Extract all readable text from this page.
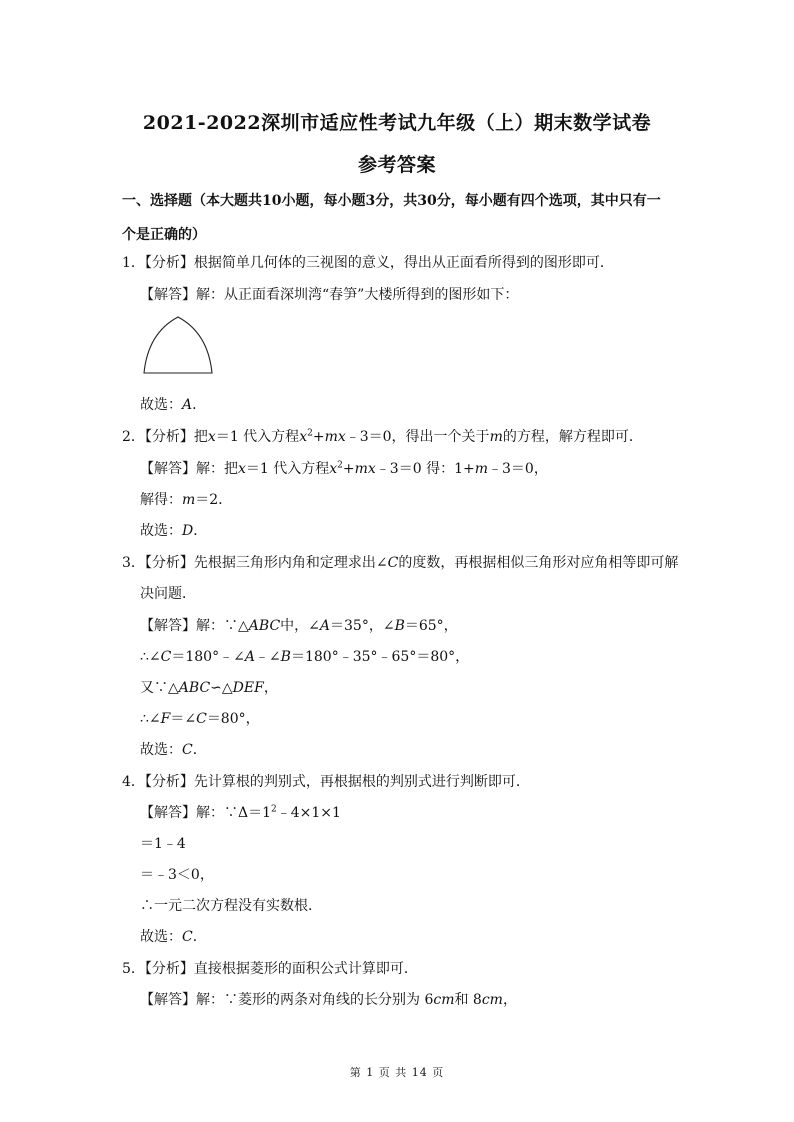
2021-2022深圳市适应性考试九年级（上）期末数学试卷
参考答案
一、选择题（本大题共10小题，每小题3分，共30分，每小题有四个选项，其中只有一
个是正确的）
1．【分析】根据简单几何体的三视图的意义，得出从正面看所得到的图形即可．
【解答】解：从正面看深圳湾“春笋”大楼所得到的图形如下：
故选：A．
2．【分析】把x＝1 代入方程$x^2+mx﹣3=0$，得出一个关于m的方程，解方程即可．
【解答】解：把x＝1 代入方程$x^2+mx﹣3=0$ 得：1+m﹣3＝0，
解得：m＝2．
故选：D．
3．【分析】先根据三角形内角和定理求出∠C的度数，再根据相似三角形对应角相等即可解
决问题．
【解答】解：∵△ABC中，∠A＝35°，∠B＝65°，
∴∠C＝180°﹣∠A﹣∠B＝180°﹣35°﹣65°＝80°，
又∵△ABC∽△DEF，
∴∠F＝∠C＝80°，
故选：C．
4．【分析】先计算根的判别式，再根据根的判别式进行判断即可．
【解答】解：$\because\Delta=1^2﹣4\times 1\times 1$
＝1﹣4
＝﹣3＜0，
∴一元二次方程没有实数根．
故选：C．
5．【分析】直接根据菱形的面积公式计算即可．
【解答】解：∵菱形的两条对角线的长分别为 6cm和 8cm，
第 1 页 共 14 页
